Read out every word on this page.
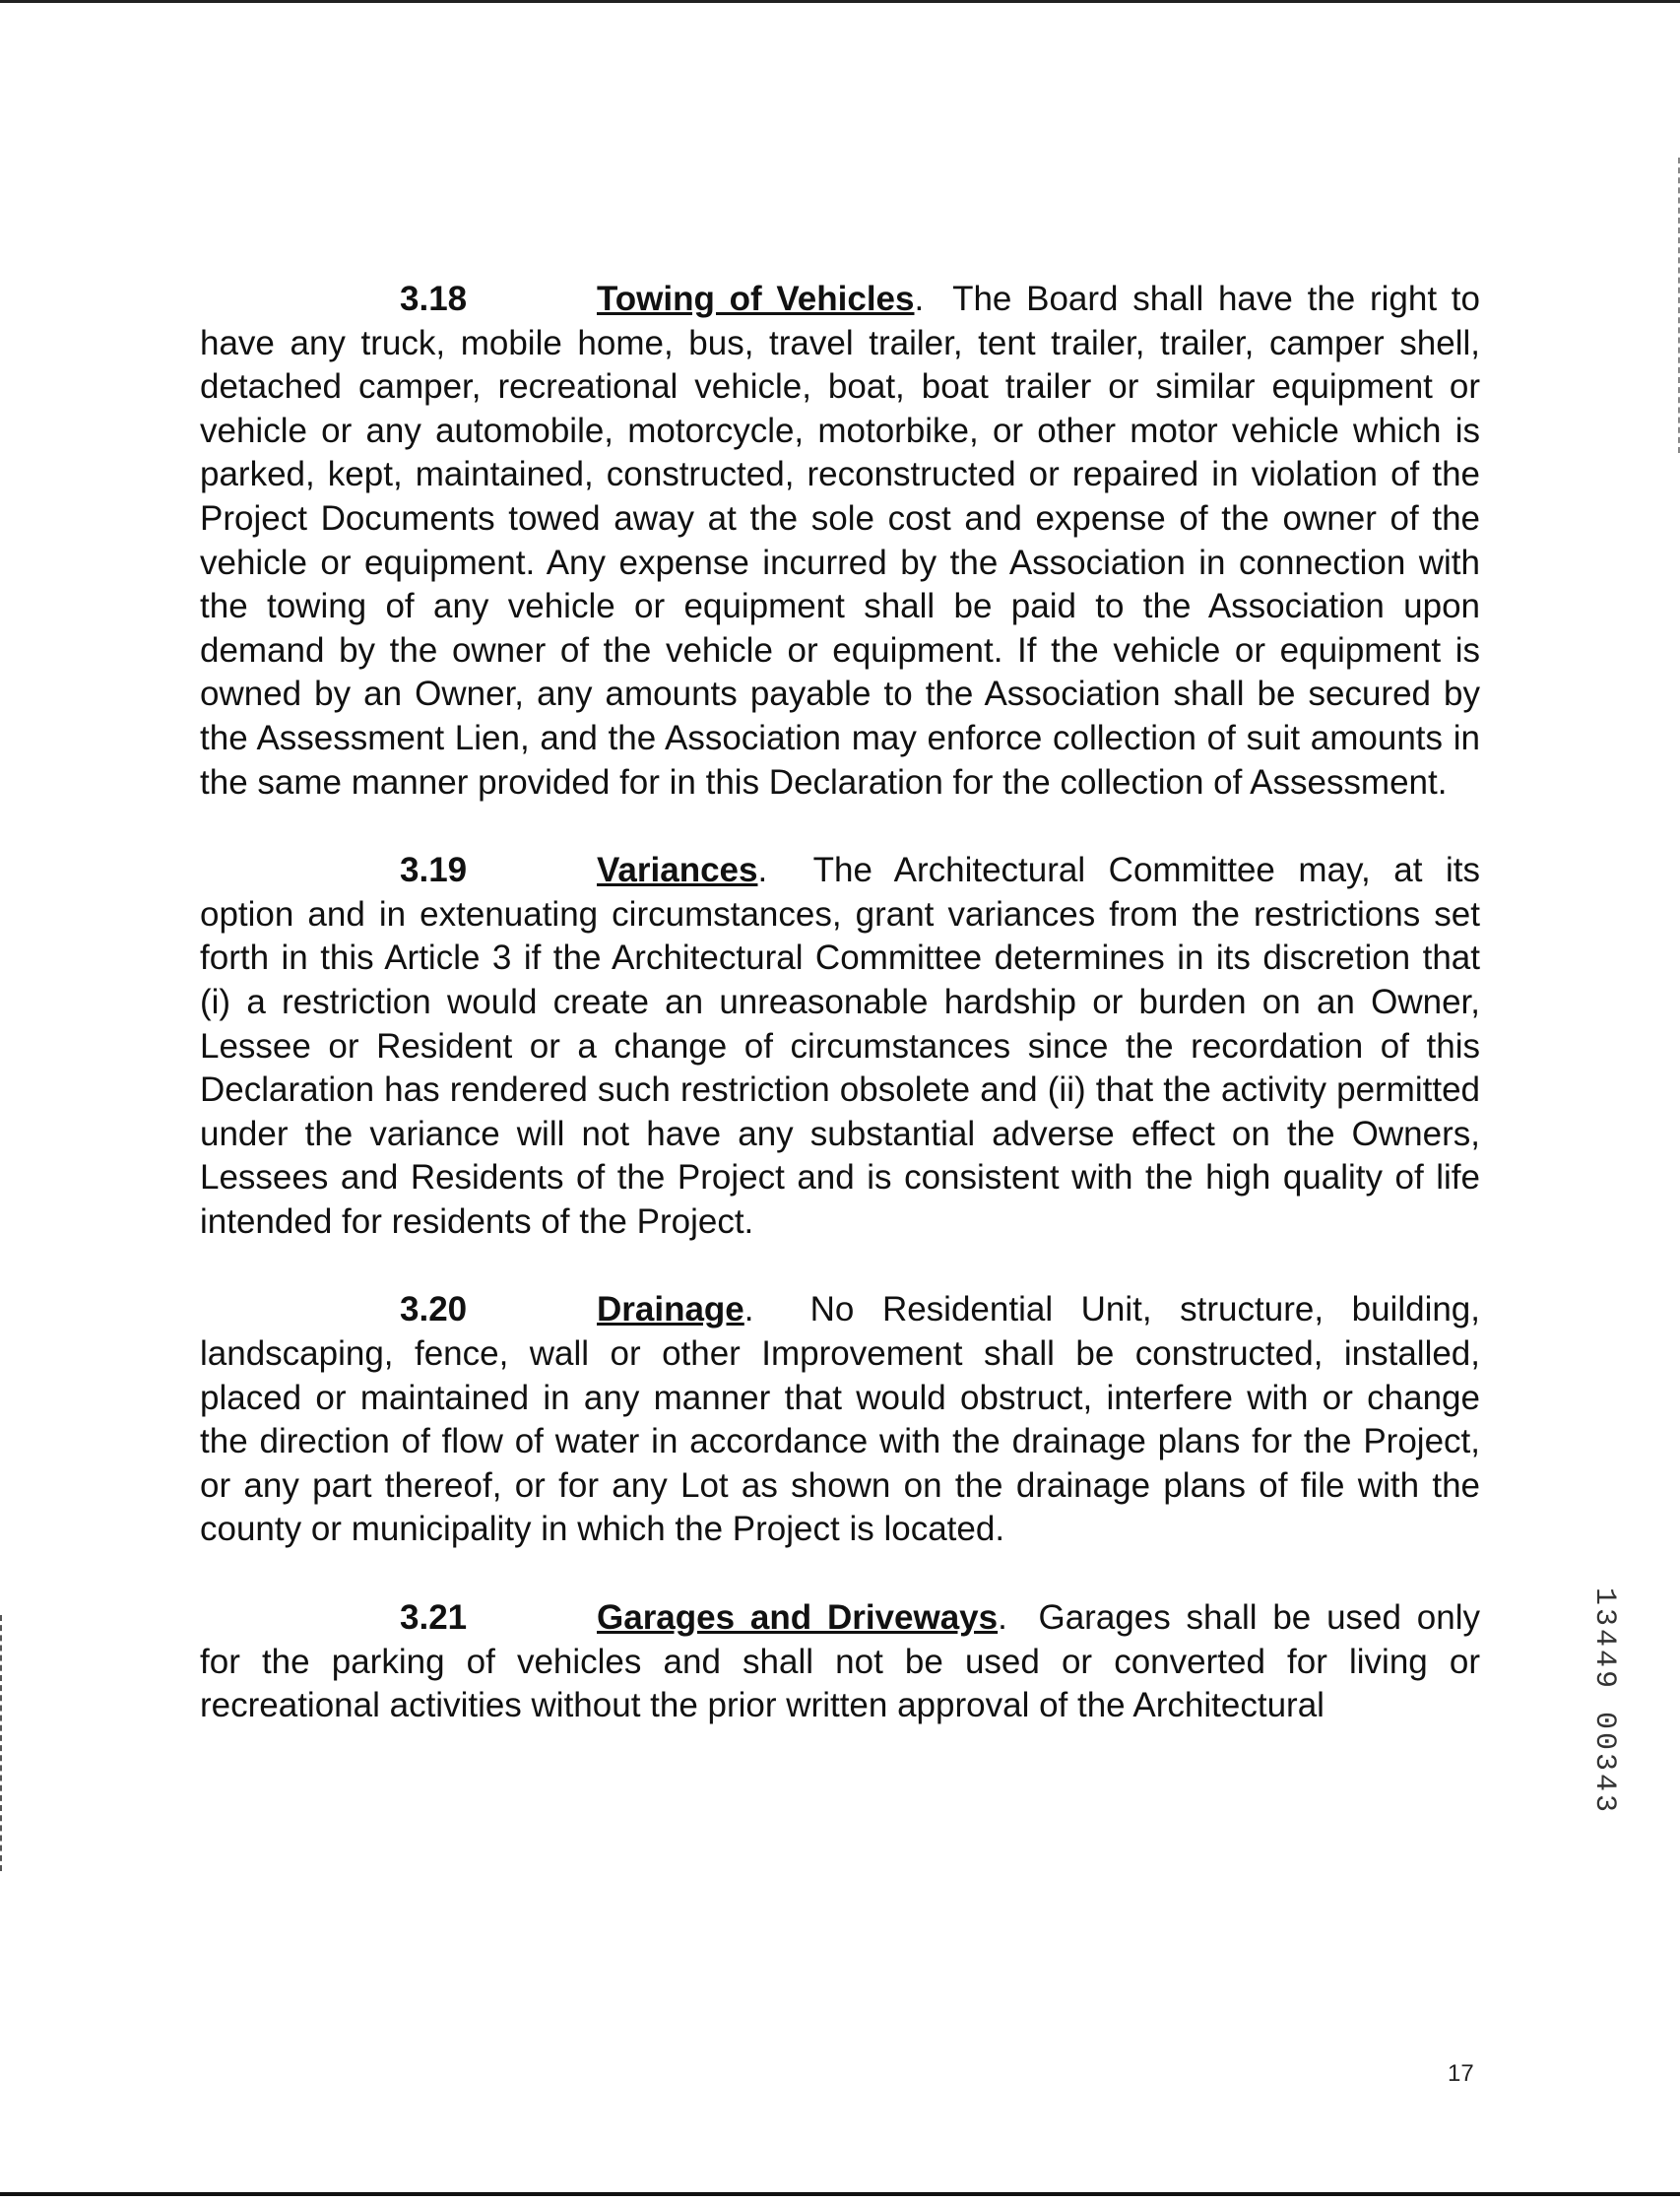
3.18	Towing of Vehicles.  The Board shall have the right to have any truck, mobile home, bus, travel trailer, tent trailer, trailer, camper shell, detached camper, recreational vehicle, boat, boat trailer or similar equipment or vehicle or any automobile, motorcycle, motorbike, or other motor vehicle which is parked, kept, maintained, constructed, reconstructed or repaired in violation of the Project Documents towed away at the sole cost and expense of the owner of the vehicle or equipment. Any expense incurred by the Association in connection with the towing of any vehicle or equipment shall be paid to the Association upon demand by the owner of the vehicle or equipment. If the vehicle or equipment is owned by an Owner, any amounts payable to the Association shall be secured by the Assessment Lien, and the Association may enforce collection of suit amounts in the same manner provided for in this Declaration for the collection of Assessment.

3.19	Variances.  The Architectural Committee may, at its option and in extenuating circumstances, grant variances from the restrictions set forth in this Article 3 if the Architectural Committee determines in its discretion that (i) a restriction would create an unreasonable hardship or burden on an Owner, Lessee or Resident or a change of circumstances since the recordation of this Declaration has rendered such restriction obsolete and (ii) that the activity permitted under the variance will not have any substantial adverse effect on the Owners, Lessees and Residents of the Project and is consistent with the high quality of life intended for residents of the Project.

3.20	Drainage.  No Residential Unit, structure, building, landscaping, fence, wall or other Improvement shall be constructed, installed, placed or maintained in any manner that would obstruct, interfere with or change the direction of flow of water in accordance with the drainage plans for the Project, or any part thereof, or for any Lot as shown on the drainage plans of file with the county or municipality in which the Project is located.

3.21	Garages and Driveways.  Garages shall be used only for the parking of vehicles and shall not be used or converted for living or recreational activities without the prior written approval of the Architectural	13449 00343
17
